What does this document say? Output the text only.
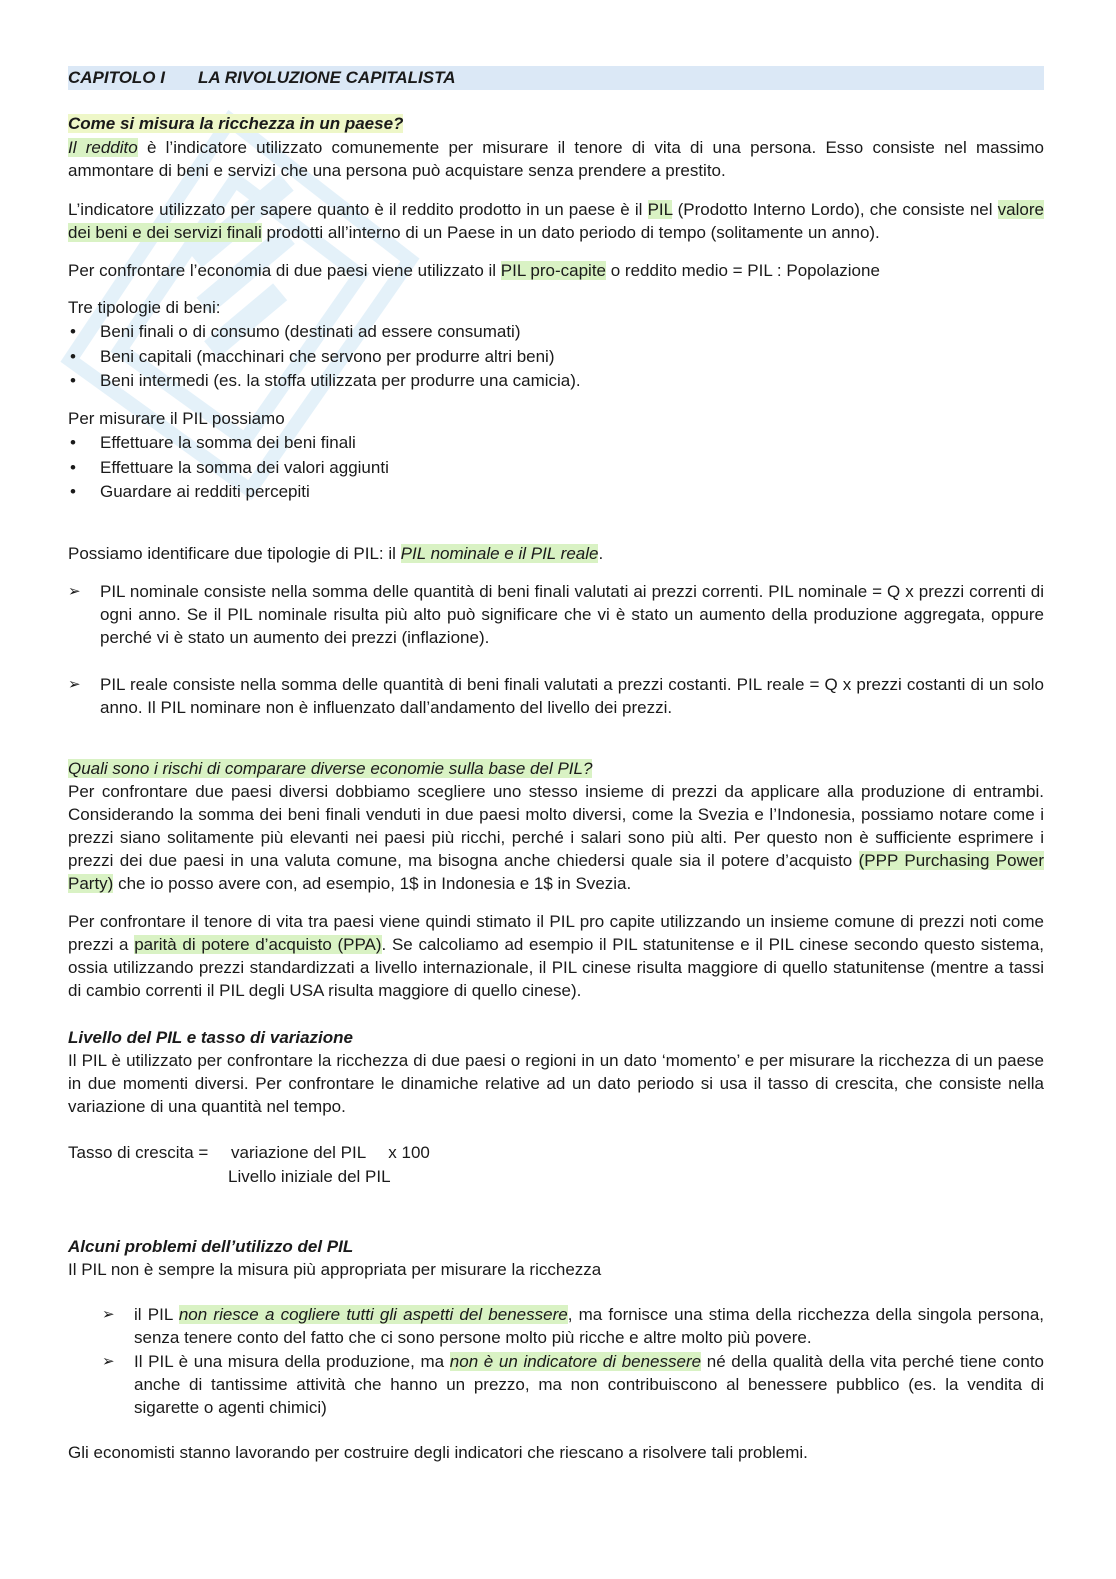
CAPITOLO I LA RIVOLUZIONE CAPITALISTA
Come si misura la ricchezza in un paese?
Il reddito è l’indicatore utilizzato comunemente per misurare il tenore di vita di una persona. Esso consiste nel massimo ammontare di beni e servizi che una persona può acquistare senza prendere a prestito.
L’indicatore utilizzato per sapere quanto è il reddito prodotto in un paese è il PIL (Prodotto Interno Lordo), che consiste nel valore dei beni e dei servizi finali prodotti all’interno di un Paese in un dato periodo di tempo (solitamente un anno).
Per confrontare l’economia di due paesi viene utilizzato il PIL pro-capite o reddito medio = PIL : Popolazione
Tre tipologie di beni:
• Beni finali o di consumo (destinati ad essere consumati)
• Beni capitali (macchinari che servono per produrre altri beni)
• Beni intermedi (es. la stoffa utilizzata per produrre una camicia).
Per misurare il PIL possiamo
• Effettuare la somma dei beni finali
• Effettuare la somma dei valori aggiunti
• Guardare ai redditi percepiti
Possiamo identificare due tipologie di PIL: il PIL nominale e il PIL reale.
➢ PIL nominale consiste nella somma delle quantità di beni finali valutati ai prezzi correnti. PIL nominale = Q x prezzi correnti di ogni anno. Se il PIL nominale risulta più alto può significare che vi è stato un aumento della produzione aggregata, oppure perché vi è stato un aumento dei prezzi (inflazione).
➢ PIL reale consiste nella somma delle quantità di beni finali valutati a prezzi costanti. PIL reale = Q x prezzi costanti di un solo anno. Il PIL nominare non è influenzato dall’andamento del livello dei prezzi.
Quali sono i rischi di comparare diverse economie sulla base del PIL?
Per confrontare due paesi diversi dobbiamo scegliere uno stesso insieme di prezzi da applicare alla produzione di entrambi. Considerando la somma dei beni finali venduti in due paesi molto diversi, come la Svezia e l’Indonesia, possiamo notare come i prezzi siano solitamente più elevanti nei paesi più ricchi, perché i salari sono più alti. Per questo non è sufficiente esprimere i prezzi dei due paesi in una valuta comune, ma bisogna anche chiedersi quale sia il potere d’acquisto (PPP Purchasing Power Party) che io posso avere con, ad esempio, 1$ in Indonesia e 1$ in Svezia.
Per confrontare il tenore di vita tra paesi viene quindi stimato il PIL pro capite utilizzando un insieme comune di prezzi noti come prezzi a parità di potere d’acquisto (PPA). Se calcoliamo ad esempio il PIL statunitense e il PIL cinese secondo questo sistema, ossia utilizzando prezzi standardizzati a livello internazionale, il PIL cinese risulta maggiore di quello statunitense (mentre a tassi di cambio correnti il PIL degli USA risulta maggiore di quello cinese).
Livello del PIL e tasso di variazione
Il PIL è utilizzato per confrontare la ricchezza di due paesi o regioni in un dato ‘momento’ e per misurare la ricchezza di un paese in due momenti diversi. Per confrontare le dinamiche relative ad un dato periodo si usa il tasso di crescita, che consiste nella variazione di una quantità nel tempo.
Tasso di crescita = variazione del PIL x 100
Livello iniziale del PIL
Alcuni problemi dell’utilizzo del PIL
Il PIL non è sempre la misura più appropriata per misurare la ricchezza
➢ il PIL non riesce a cogliere tutti gli aspetti del benessere, ma fornisce una stima della ricchezza della singola persona, senza tenere conto del fatto che ci sono persone molto più ricche e altre molto più povere.
➢ Il PIL è una misura della produzione, ma non è un indicatore di benessere né della qualità della vita perché tiene conto anche di tantissime attività che hanno un prezzo, ma non contribuiscono al benessere pubblico (es. la vendita di sigarette o agenti chimici)
Gli economisti stanno lavorando per costruire degli indicatori che riescano a risolvere tali problemi.
